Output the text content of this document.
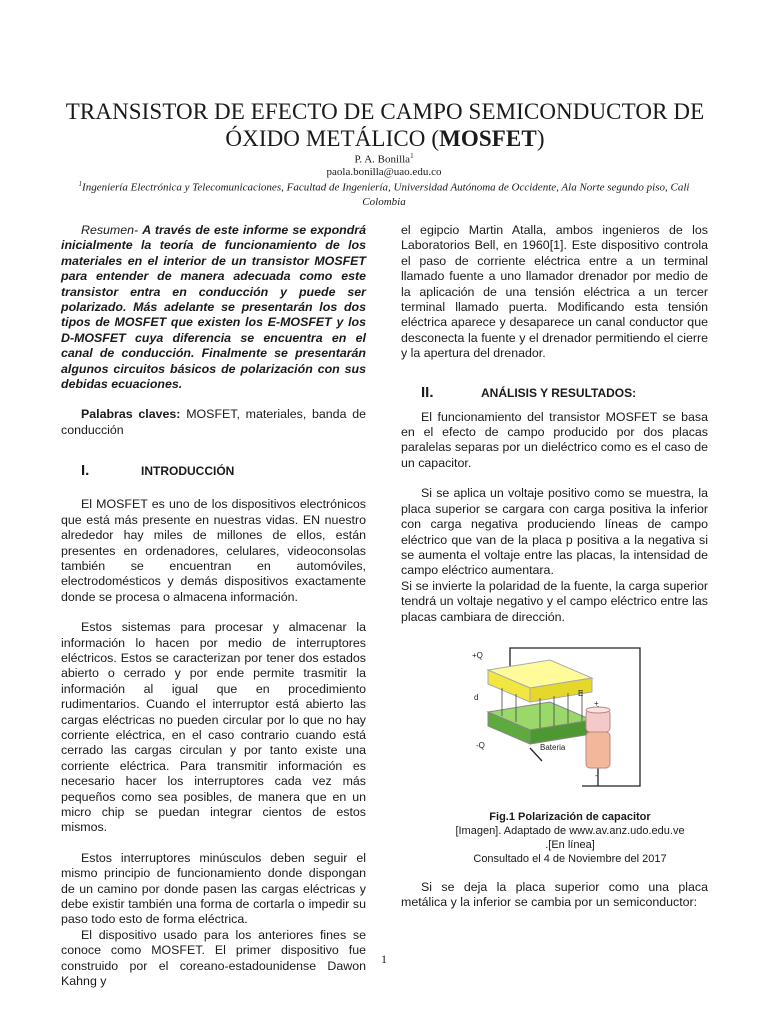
TRANSISTOR DE EFECTO DE CAMPO SEMICONDUCTOR DE ÓXIDO METÁLICO (MOSFET)
P. A. Bonilla$^1$
paola.bonilla@uao.edu.co
$^1$Ingeniería Electrónica y Telecomunicaciones, Facultad de Ingeniería, Universidad Autónoma de Occidente, Ala Norte segundo piso, Cali Colombia

Resumen- A través de este informe se expondrá inicialmente la teoría de funcionamiento de los materiales en el interior de un transistor MOSFET para entender de manera adecuada como este transistor entra en conducción y puede ser polarizado. Más adelante se presentarán los dos tipos de MOSFET que existen los E-MOSFET y los D-MOSFET cuya diferencia se encuentra en el canal de conducción. Finalmente se presentarán algunos circuitos básicos de polarización con sus debidas ecuaciones.

Palabras claves: MOSFET, materiales, banda de conducción

I.	INTRODUCCIÓN

El MOSFET es uno de los dispositivos electrónicos que está más presente en nuestras vidas. EN nuestro alrededor hay miles de millones de ellos, están presentes en ordenadores, celulares, videoconsolas también se encuentran en automóviles, electrodomésticos y demás dispositivos exactamente donde se procesa o almacena información.

Estos sistemas para procesar y almacenar la información lo hacen por medio de interruptores eléctricos. Estos se caracterizan por tener dos estados abierto o cerrado y por ende permite trasmitir la información al igual que en procedimiento rudimentarios. Cuando el interruptor está abierto las cargas eléctricas no pueden circular por lo que no hay corriente eléctrica, en el caso contrario cuando está cerrado las cargas circulan y por tanto existe una corriente eléctrica. Para transmitir información es necesario hacer los interruptores cada vez más pequeños como sea posibles, de manera que en un micro chip se puedan integrar cientos de estos mismos.

Estos interruptores minúsculos deben seguir el mismo principio de funcionamiento donde dispongan de un camino por donde pasen las cargas eléctricas y debe existir también una forma de cortarla o impedir su paso todo esto de forma eléctrica.

El dispositivo usado para los anteriores fines se conoce como MOSFET. El primer dispositivo fue construido por el coreano-estadounidense Dawon Kahng y

el egipcio Martin Atalla, ambos ingenieros de los Laboratorios Bell, en 1960[1]. Este dispositivo controla el paso de corriente eléctrica entre a un terminal llamado fuente a uno llamador drenador por medio de la aplicación de una tensión eléctrica a un tercer terminal llamado puerta. Modificando esta tensión eléctrica aparece y desaparece un canal conductor que desconecta la fuente y el drenador permitiendo el cierre y la apertura del drenador.

II.	ANÁLISIS Y RESULTADOS:

El funcionamiento del transistor MOSFET se basa en el efecto de campo producido por dos placas paralelas separas por un dieléctrico como es el caso de un capacitor.

Si se aplica un voltaje positivo como se muestra, la placa superior se cargara con carga positiva la inferior con carga negativa produciendo líneas de campo eléctrico que van de la placa p positiva a la negativa si se aumenta el voltaje entre las placas, la intensidad de campo eléctrico aumentara.

Si se invierte la polaridad de la fuente, la carga superior tendrá un voltaje negativo y el campo eléctrico entre las placas cambiara de dirección.

+Q
-Q
d	E
Bateria
+
-
Fig.1 Polarización de capacitor
[Imagen]. Adaptado de www.av.anz.udo.edu.ve
.[En línea]
Consultado el 4 de Noviembre del 2017

Si se deja la placa superior como una placa metálica y la inferior se cambia por un semiconductor:

1
